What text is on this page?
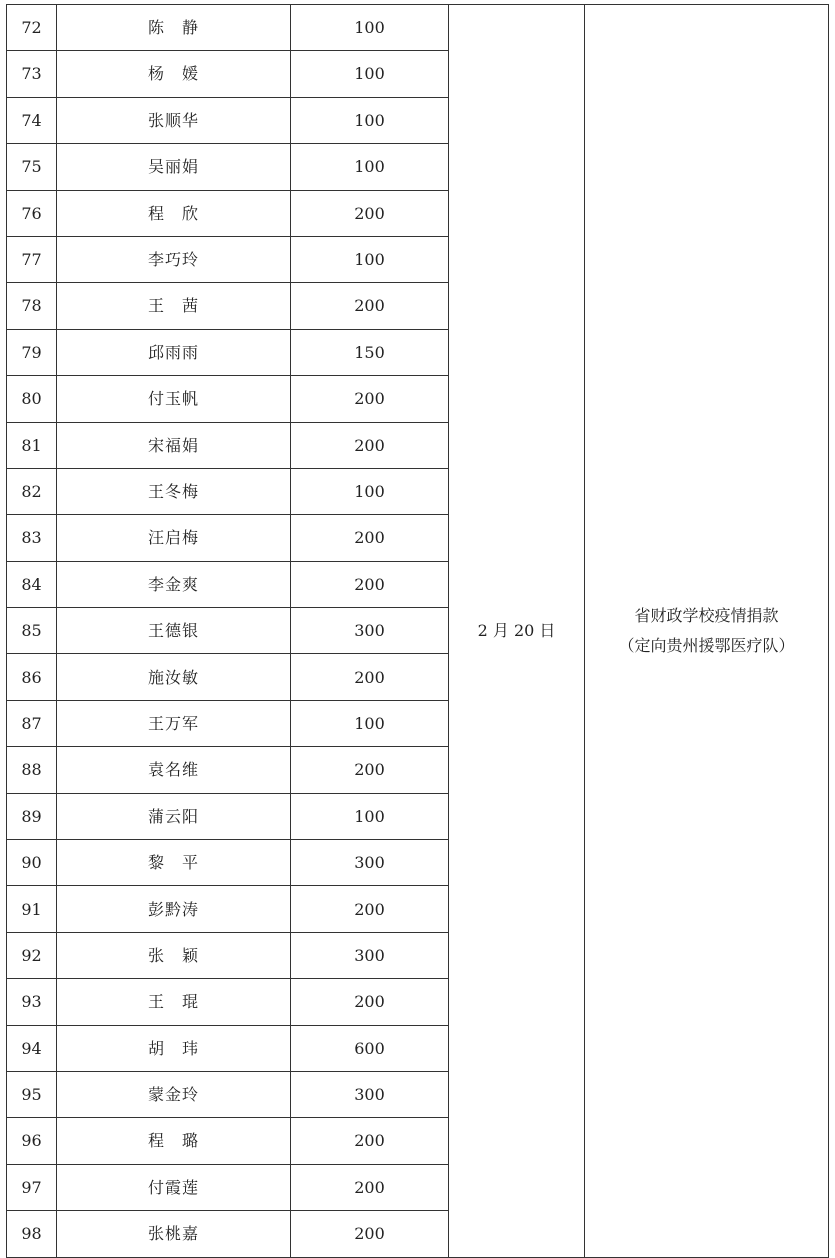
72	陈　静	100	2 月 20 日	省财政学校疫情捐款
（定向贵州援鄂医疗队）

73	杨　媛	100		
74	张顺华	100		
75	吴丽娟	100		
76	程　欣	200		
77	李巧玲	100		
78	王　茜	200		
79	邱雨雨	150		
80	付玉帆	200		
81	宋福娟	200		
82	王冬梅	100		
83	汪启梅	200		
84	李金爽	200		
85	王德银	300		
86	施汝敏	200		
87	王万军	100		
88	袁名维	200		
89	蒲云阳	100		
90	黎　平	300		
91	彭黔涛	200		
92	张　颖	300		
93	王　琨	200		
94	胡　玮	600		
95	蒙金玲	300		
96	程　璐	200		
97	付霞莲	200		
98	张桃嘉	200		
